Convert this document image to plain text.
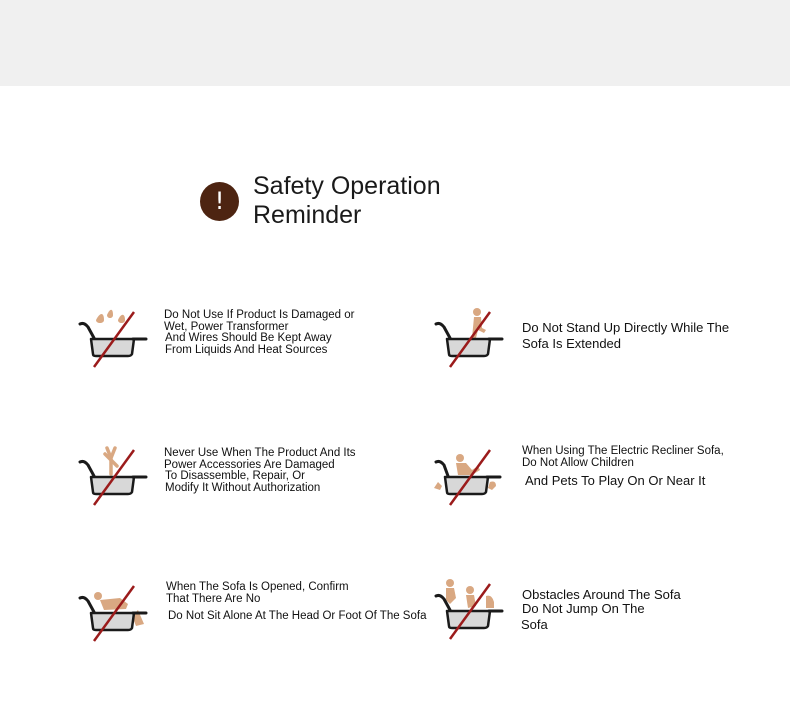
!
Safety Operation
Reminder
Do Not Use If Product Is Damaged or
Wet, Power Transformer
And Wires Should Be Kept Away
From Liquids And Heat Sources
Do Not Stand Up Directly While The
Sofa Is Extended
Never Use When The Product And Its
Power Accessories Are Damaged
To Disassemble, Repair, Or
Modify It Without Authorization
When Using The Electric Recliner Sofa,
Do Not Allow Children
And Pets To Play On Or Near It
When The Sofa Is Opened, Confirm
That There Are No
Do Not Sit Alone At The Head Or Foot Of The Sofa
Obstacles Around The Sofa
Do Not Jump On The
Sofa
